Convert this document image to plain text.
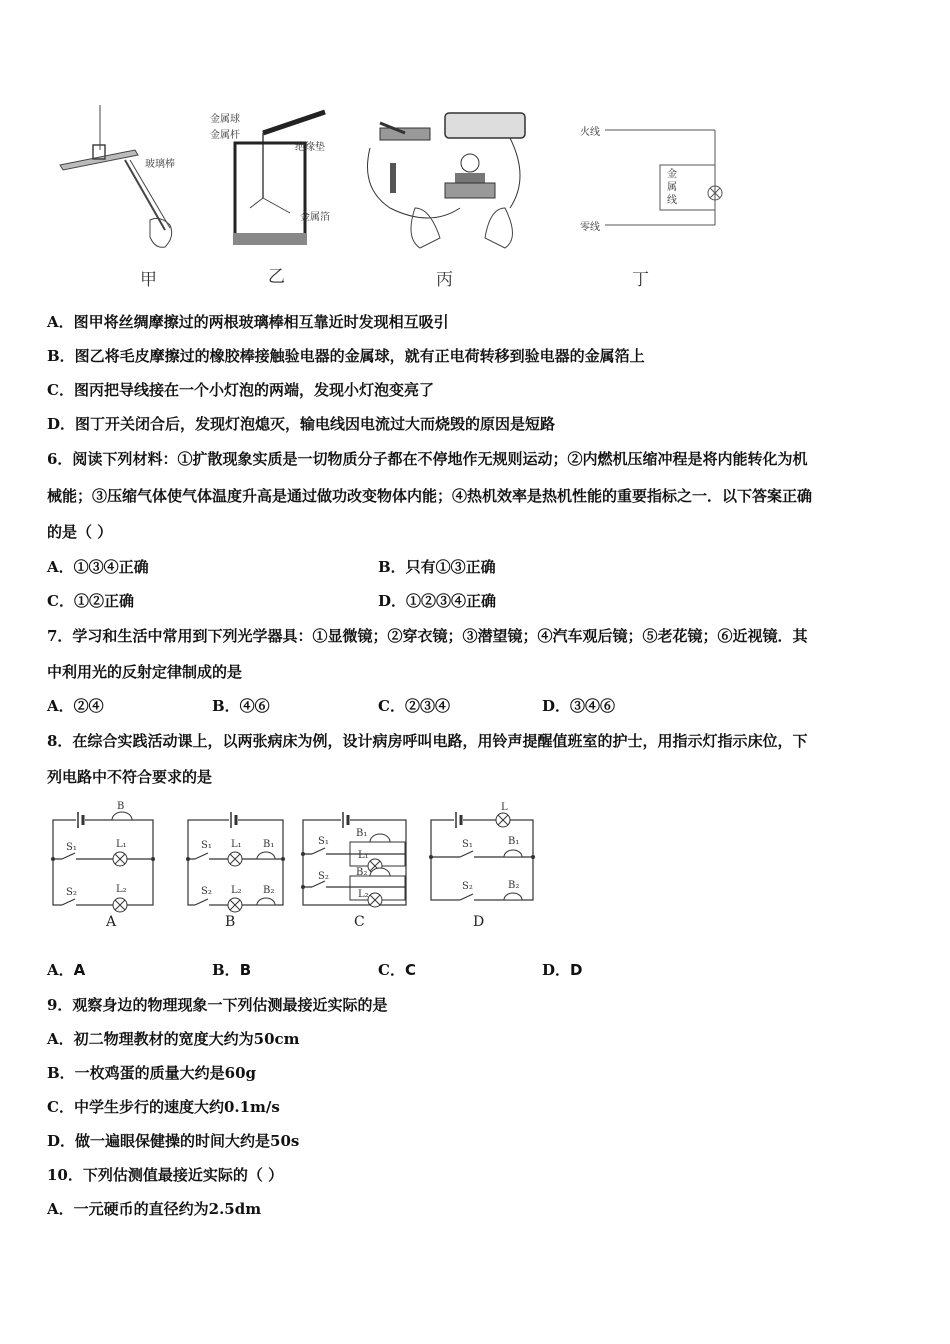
玻璃棒
甲
金属球
金属杆
绝缘垫
金属箔
乙	丙
火线
零线
金
属
线
丁
A．图甲将丝绸摩擦过的两根玻璃棒相互靠近时发现相互吸引
B．图乙将毛皮摩擦过的橡胶棒接触验电器的金属球，就有正电荷转移到验电器的金属箔上
C．图丙把导线接在一个小灯泡的两端，发现小灯泡变亮了
D．图丁开关闭合后，发现灯泡熄灭，输电线因电流过大而烧毁的原因是短路
6．阅读下列材料：①扩散现象实质是一切物质分子都在不停地作无规则运动；②内燃机压缩冲程是将内能转化为机
械能；③压缩气体使气体温度升高是通过做功改变物体内能；④热机效率是热机性能的重要指标之一．以下答案正确
的是（ ）
A．①③④正确	B．只有①③正确
C．①②正确	D．①②③④正确
7．学习和生活中常用到下列光学器具：①显微镜；②穿衣镜；③潜望镜；④汽车观后镜；⑤老花镜；⑥近视镜．其
中利用光的反射定律制成的是
A．②④	B．④⑥	C．②③④	D．③④⑥
8．在综合实践活动课上，以两张病床为例，设计病房呼叫电路，用铃声提醒值班室的护士，用指示灯指示床位，下
列电路中不符合要求的是
B
S₁	L₁
S₂	L₂
A
S₁ L₁ B₁
S₂ L₂ B₂
B
S₁
B₁
L₁
S₂	B₂
L₂
C
L
S₁	B₁
S₂	B₂
D
A．A	B．B	C．C	D．D
9．观察身边的物理现象一下列估测最接近实际的是
A．初二物理教材的宽度大约为50cm
B．一枚鸡蛋的质量大约是60g
C．中学生步行的速度大约0.1m/s
D．做一遍眼保健操的时间大约是50s
10．下列估测值最接近实际的（ ）
A．一元硬币的直径约为2.5dm
